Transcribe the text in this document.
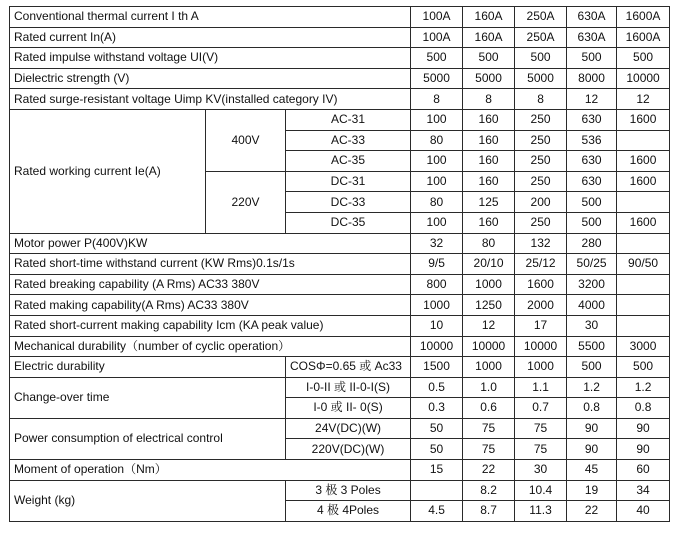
Conventional thermal current I th A			100A	160A	250A	630A	1600A
Rated current In(A)			100A	160A	250A	630A	1600A
Rated impulse withstand voltage UI(V)			500	500	500	500	500
Dielectric strength (V)			5000	5000	5000	8000	10000
Rated surge-resistant voltage Uimp KV(installed category IV)			8	8	8	12	12
Rated working current Ie(A)	400V	AC-31	100	160	250	630	1600
		AC-33	80	160	250	536	
		AC-35	100	160	250	630	1600
	220V	DC-31	100	160	250	630	1600
		DC-33	80	125	200	500	
		DC-35	100	160	250	500	1600
Motor power P(400V)KW			32	80	132	280	
Rated short-time withstand current (KW Rms)0.1s/1s			9/5	20/10	25/12	50/25	90/50
Rated breaking capability (A Rms) AC33 380V			800	1000	1600	3200	
Rated making capability(A Rms) AC33 380V			1000	1250	2000	4000	
Rated short-current making capability Icm (KA peak value)			10	12	17	30	
Mechanical durability（number of cyclic operation）			10000	10000	10000	5500	3000
Electric durability		COSΦ=0.65 或 Ac33	1500	1000	1000	500	500
Change-over time		I-0-II 或 II-0-I(S)	0.5	1.0	1.1	1.2	1.2
		I-0 或 II- 0(S)	0.3	0.6	0.7	0.8	0.8
Power consumption of electrical control		24V(DC)(W)	50	75	75	90	90
		220V(DC)(W)	50	75	75	90	90
Moment of operation（Nm）			15	22	30	45	60
Weight (kg)		3 极 3 Poles		8.2	10.4	19	34
		4 极 4Poles	4.5	8.7	11.3	22	40
